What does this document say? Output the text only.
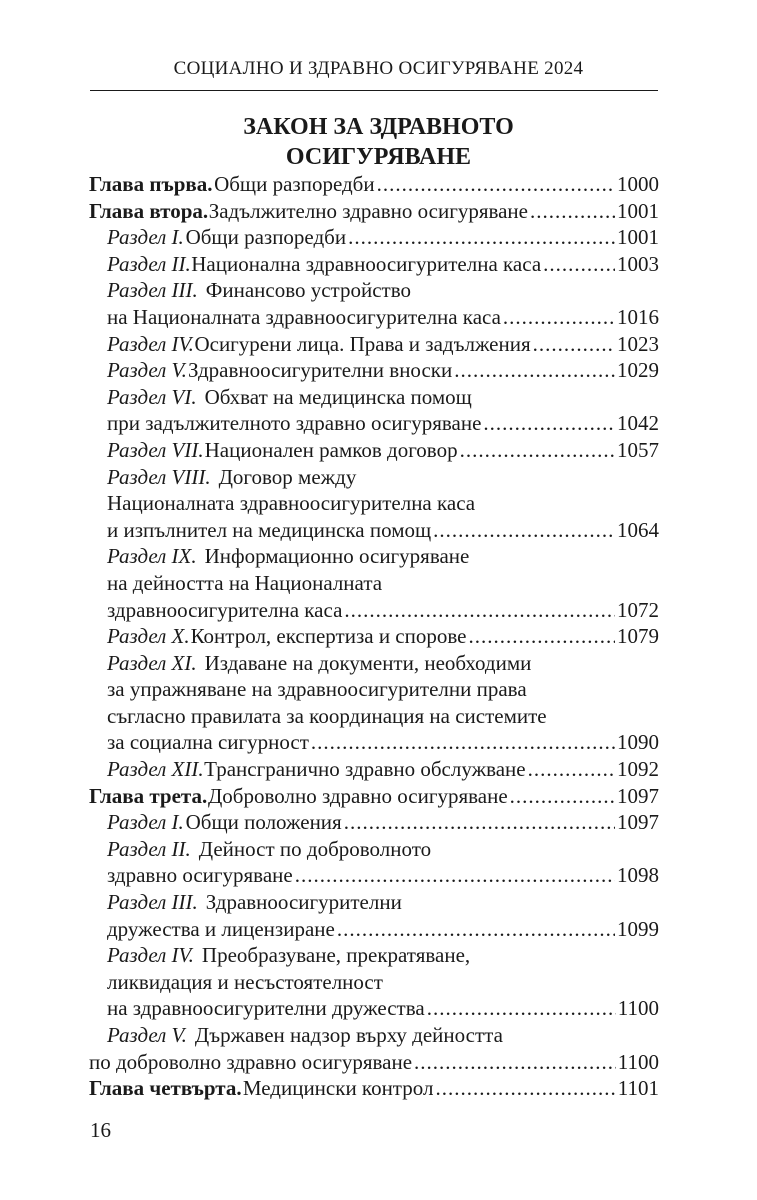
СОЦИАЛНО И ЗДРАВНО ОСИГУРЯВАНЕ 2024
ЗАКОН ЗА ЗДРАВНОТО
ОСИГУРЯВАНЕ
Глава първа. Общи разпоредби .....	1000
Глава втора. Задължително здравно осигуряване .....	1001
Раздел I. Общи разпоредби .....	1001
Раздел II. Национална здравноосигурителна каса .....	1003
Раздел III. Финансово устройство
на Националната здравноосигурителна каса .....	1016
Раздел IV. Осигурени лица. Права и задължения .....	1023
Раздел V. Здравноосигурителни вноски .....	1029
Раздел VI. Обхват на медицинска помощ
при задължителното здравно осигуряване .....	1042
Раздел VII. Национален рамков договор .....	1057
Раздел VIII. Договор между
Националната здравноосигурителна каса
и изпълнител на медицинска помощ .....	1064
Раздел IX. Информационно осигуряване
на дейността на Националната
здравноосигурителна каса .....	1072
Раздел X. Контрол, експертиза и спорове .....	1079
Раздел XI. Издаване на документи, необходими
за упражняване на здравноосигурителни права
съгласно правилата за координация на системите
за социална сигурност .....	1090
Раздел XII. Трансгранично здравно обслужване .....	1092
Глава трета. Доброволно здравно осигуряване .....	1097
Раздел I. Общи положения .....	1097
Раздел II. Дейност по доброволното
здравно осигуряване .....	1098
Раздел III. Здравноосигурителни
дружества и лицензиране .....	1099
Раздел IV. Преобразуване, прекратяване,
ликвидация и несъстоятелност
на здравноосигурителни дружества .....	1100
Раздел V. Държавен надзор върху дейността
по доброволно здравно осигуряване .....	1100
Глава четвърта. Медицински контрол .....	1101
16
